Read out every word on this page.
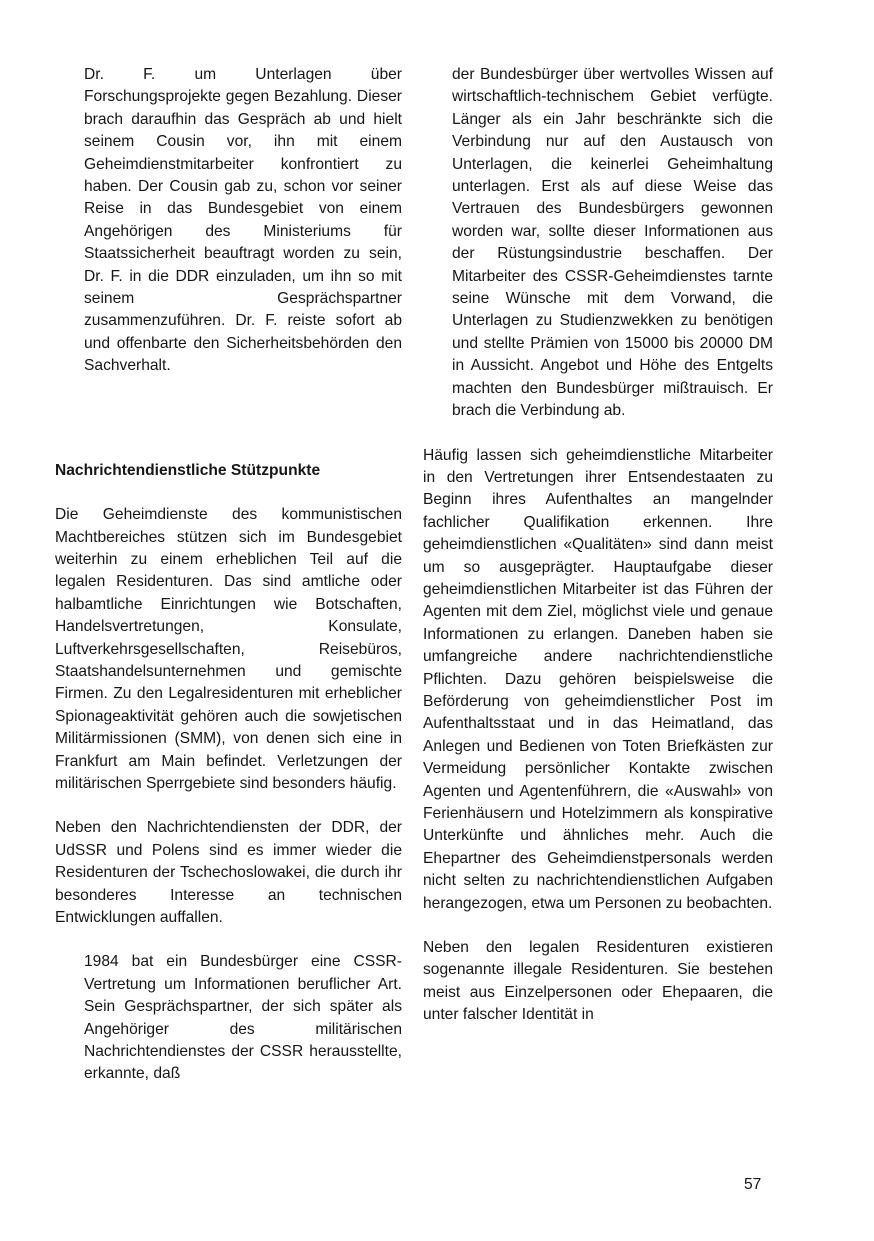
Dr. F. um Unterlagen über Forschungsprojekte gegen Bezahlung. Dieser brach daraufhin das Gespräch ab und hielt seinem Cousin vor, ihn mit einem Geheimdienstmitarbeiter konfrontiert zu haben. Der Cousin gab zu, schon vor seiner Reise in das Bundesgebiet von einem Angehörigen des Ministeriums für Staatssicherheit beauftragt worden zu sein, Dr. F. in die DDR einzuladen, um ihn so mit seinem Gesprächspartner zusammenzuführen. Dr. F. reiste sofort ab und offenbarte den Sicherheitsbehörden den Sachverhalt.

Nachrichtendienstliche Stützpunkte

Die Geheimdienste des kommunistischen Machtbereiches stützen sich im Bundesgebiet weiterhin zu einem erheblichen Teil auf die legalen Residenturen. Das sind amtliche oder halbamtliche Einrichtungen wie Botschaften, Handelsvertretungen, Konsulate, Luftverkehrsgesellschaften, Reisebüros, Staatshandelsunternehmen und gemischte Firmen. Zu den Legalresidenturen mit erheblicher Spionageaktivität gehören auch die sowjetischen Militärmissionen (SMM), von denen sich eine in Frankfurt am Main befindet. Verletzungen der militärischen Sperrgebiete sind besonders häufig.

Neben den Nachrichtendiensten der DDR, der UdSSR und Polens sind es immer wieder die Residenturen der Tschechoslowakei, die durch ihr besonderes Interesse an technischen Entwicklungen auffallen.

1984 bat ein Bundesbürger eine CSSR-Vertretung um Informationen beruflicher Art. Sein Gesprächspartner, der sich später als Angehöriger des militärischen Nachrichtendienstes der CSSR herausstellte, erkannte, daß

der Bundesbürger über wertvolles Wissen auf wirtschaftlich-technischem Gebiet verfügte. Länger als ein Jahr beschränkte sich die Verbindung nur auf den Austausch von Unterlagen, die keinerlei Geheimhaltung unterlagen. Erst als auf diese Weise das Vertrauen des Bundesbürgers gewonnen worden war, sollte dieser Informationen aus der Rüstungsindustrie beschaffen. Der Mitarbeiter des CSSR-Geheimdienstes tarnte seine Wünsche mit dem Vorwand, die Unterlagen zu Studienzwekken zu benötigen und stellte Prämien von 15000 bis 20000 DM in Aussicht. Angebot und Höhe des Entgelts machten den Bundesbürger mißtrauisch. Er brach die Verbindung ab.

Häufig lassen sich geheimdienstliche Mitarbeiter in den Vertretungen ihrer Entsendestaaten zu Beginn ihres Aufenthaltes an mangelnder fachlicher Qualifikation erkennen. Ihre geheimdienstlichen «Qualitäten» sind dann meist um so ausgeprägter. Hauptaufgabe dieser geheimdienstlichen Mitarbeiter ist das Führen der Agenten mit dem Ziel, möglichst viele und genaue Informationen zu erlangen. Daneben haben sie umfangreiche andere nachrichtendienstliche Pflichten. Dazu gehören beispielsweise die Beförderung von geheimdienstlicher Post im Aufenthaltsstaat und in das Heimatland, das Anlegen und Bedienen von Toten Briefkästen zur Vermeidung persönlicher Kontakte zwischen Agenten und Agentenführern, die «Auswahl» von Ferienhäusern und Hotelzimmern als konspirative Unterkünfte und ähnliches mehr. Auch die Ehepartner des Geheimdienstpersonals werden nicht selten zu nachrichtendienstlichen Aufgaben herangezogen, etwa um Personen zu beobachten.

Neben den legalen Residenturen existieren sogenannte illegale Residenturen. Sie bestehen meist aus Einzelpersonen oder Ehepaaren, die unter falscher Identität in

57
